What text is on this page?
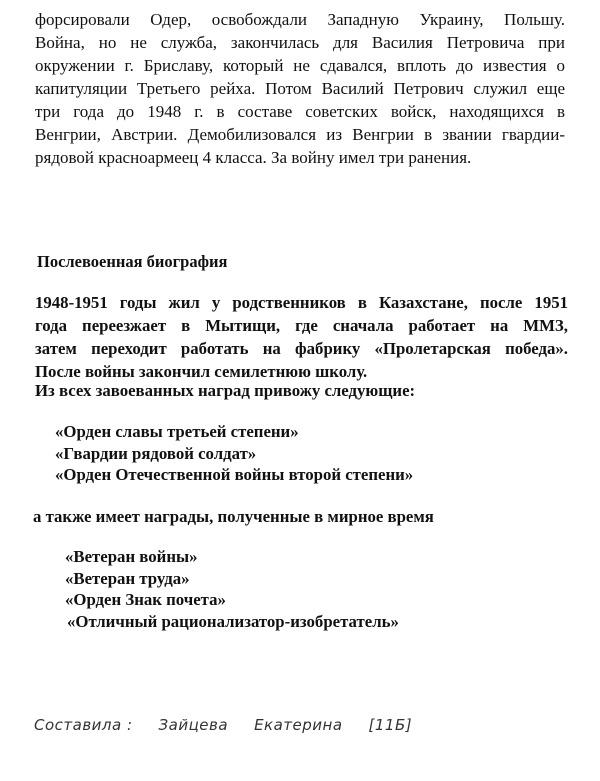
форсировали Одер, освобождали Западную Украину, Польшу.
Война, но не служба, закончилась для Василия Петровича при
окружении г. Бриславу, который не сдавался, вплоть до известия о
капитуляции Третьего рейха. Потом Василий Петрович служил еще
три года до 1948 г. в составе советских войск, находящихся в
Венгрии, Австрии. Демобилизовался из Венгрии в звании гвардии-
рядовой красноармеец 4 класса. За войну имел три ранения.
Послевоенная биография
1948-1951 годы жил у родственников в Казахстане, после 1951
года переезжает в Мытищи, где сначала работает на ММЗ,
затем переходит работать на фабрику «Пролетарская победа».
После войны закончил семилетнюю школу.
Из всех завоеванных наград привожу следующие:
«Орден славы третьей степени»
«Гвардии рядовой солдат»
«Орден Отечественной войны второй степени»
а также имеет награды, полученные в мирное время
«Ветеран войны»
«Ветеран труда»
«Орден Знак почета»
«Отличный рационализатор-изобретатель»
Составила : Зайцева Екатерина [11Б]
